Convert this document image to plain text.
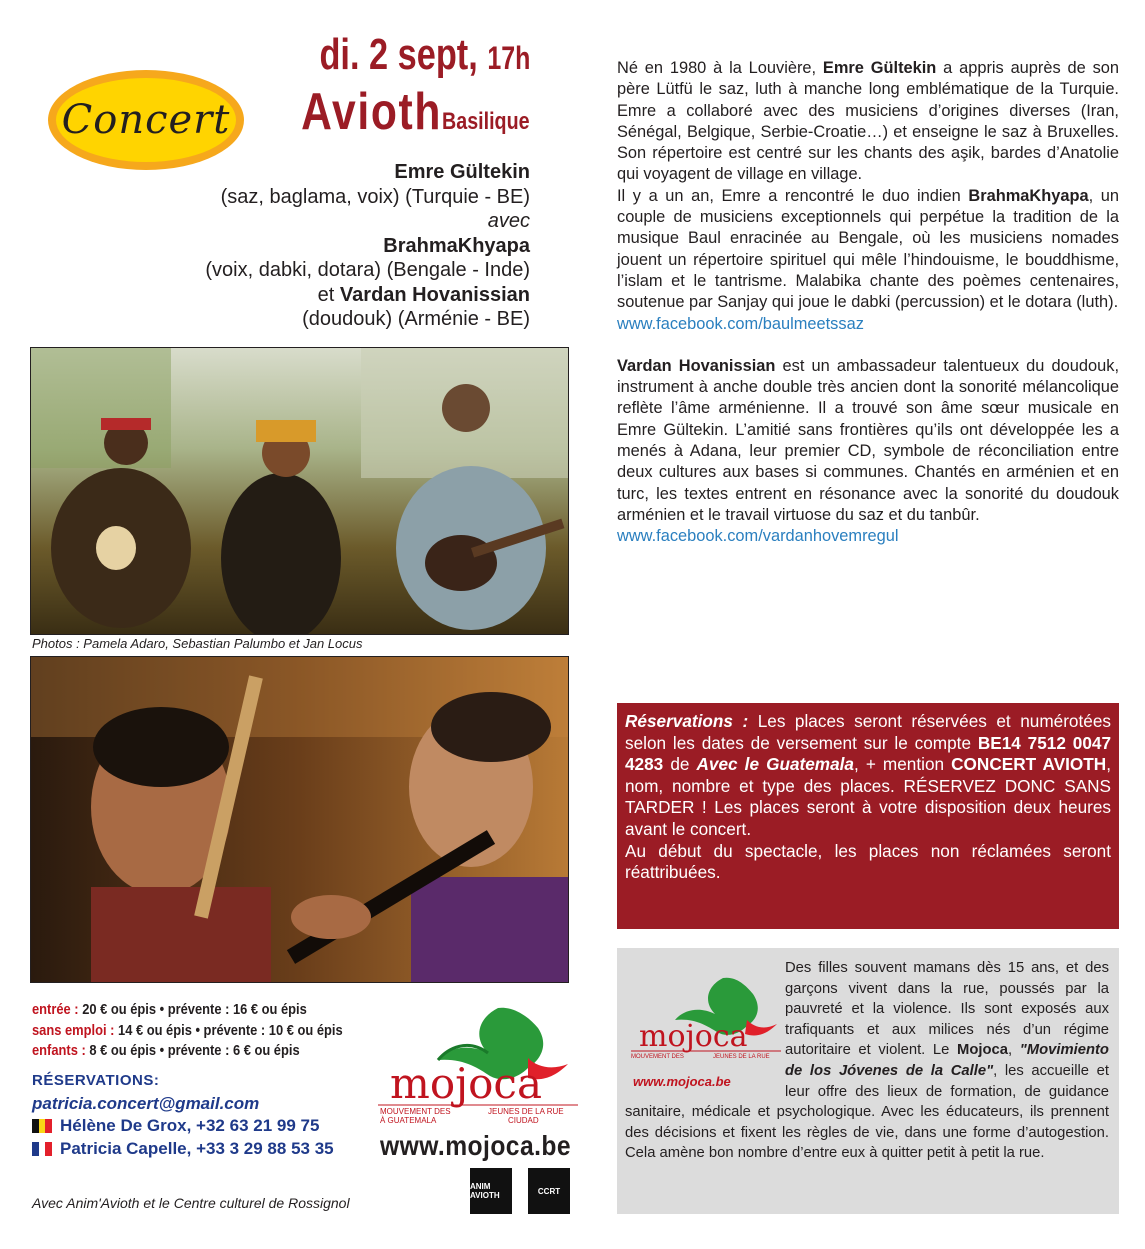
Concert
di. 2 sept, 17h
AviothBasilique
Emre Gültekin
(saz, baglama, voix) (Turquie - BE)
avec
BrahmaKhyapa
(voix, dabki, dotara) (Bengale - Inde)
et Vardan Hovanissian
(doudouk) (Arménie - BE)
Photos : Pamela Adaro, Sebastian Palumbo et Jan Locus
entrée : 20 € ou épis • prévente : 16 € ou épis
sans emploi : 14 € ou épis • prévente : 10 € ou épis
enfants : 8 € ou épis • prévente : 6 € ou épis
RÉSERVATIONS:
patricia.concert@gmail.com
Hélène De Grox, +32 63 21 99 75
Patricia Capelle, +33 3 29 88 53 35
mojoca
MOUVEMENT DES
À GUATEMALA
JEUNES DE LA RUE
CIUDAD
www.mojoca.be
Avec Anim'Avioth et le Centre culturel de Rossignol
ANIM AVIOTH	CCRT

Né en 1980 à la Louvière, Emre Gültekin a appris auprès de son père Lütfü le saz, luth à manche long emblématique de la Turquie. Emre a collaboré avec des musiciens d’origines diverses (Iran, Sénégal, Belgique, Serbie-Croatie…) et enseigne le saz à Bruxelles. Son répertoire est centré sur les chants des aşik, bardes d’Anatolie qui voyagent de village en village.

Il y a un an, Emre a rencontré le duo indien BrahmaKhyapa, un couple de musiciens exceptionnels qui perpétue la tradition de la musique Baul enracinée au Bengale, où les musiciens nomades jouent un répertoire spirituel qui mêle l’hindouisme, le bouddhisme, l’islam et le tantrisme. Malabika chante des poèmes centenaires, soutenue par Sanjay qui joue le dabki (percussion) et le dotara (luth).

www.facebook.com/baulmeetssaz

Vardan Hovanissian est un ambassadeur talentueux du doudouk, instrument à anche double très ancien dont la sonorité mélancolique reflète l’âme arménienne. Il a trouvé son âme sœur musicale en Emre Gültekin. L’amitié sans frontières qu’ils ont développée les a menés à Adana, leur premier CD, symbole de réconciliation entre deux cultures aux bases si communes. Chantés en arménien et en turc, les textes entrent en résonance avec la sonorité du doudouk arménien et le travail virtuose du saz et du tanbûr.

www.facebook.com/vardanhovemregul

Réservations : Les places seront réservées et numérotées selon les dates de versement sur le compte BE14 7512 0047 4283 de Avec le Guatemala, + mention CONCERT AVIOTH, nom, nombre et type des places. RÉSERVEZ DONC SANS TARDER ! Les places seront à votre disposition deux heures avant le concert.
Au début du spectacle, les places non réclamées seront réattribuées.
mojoca
MOUVEMENT DES	JEUNES DE LA RUE
www.mojoca.be
Des filles souvent mamans dès 15 ans, et des garçons vivent dans la rue, poussés par la pauvreté et la violence. Ils sont exposés aux trafiquants et aux milices nés d’un régime autoritaire et violent. Le Mojoca, "Movimiento de los Jóvenes de la Calle", les accueille et leur offre des lieux de formation, de guidance sanitaire, médicale et psychologique. Avec les éducateurs, ils prennent des décisions et fixent les règles de vie, dans une forme d’autogestion. Cela amène bon nombre d’entre eux à quitter petit à petit la rue.
